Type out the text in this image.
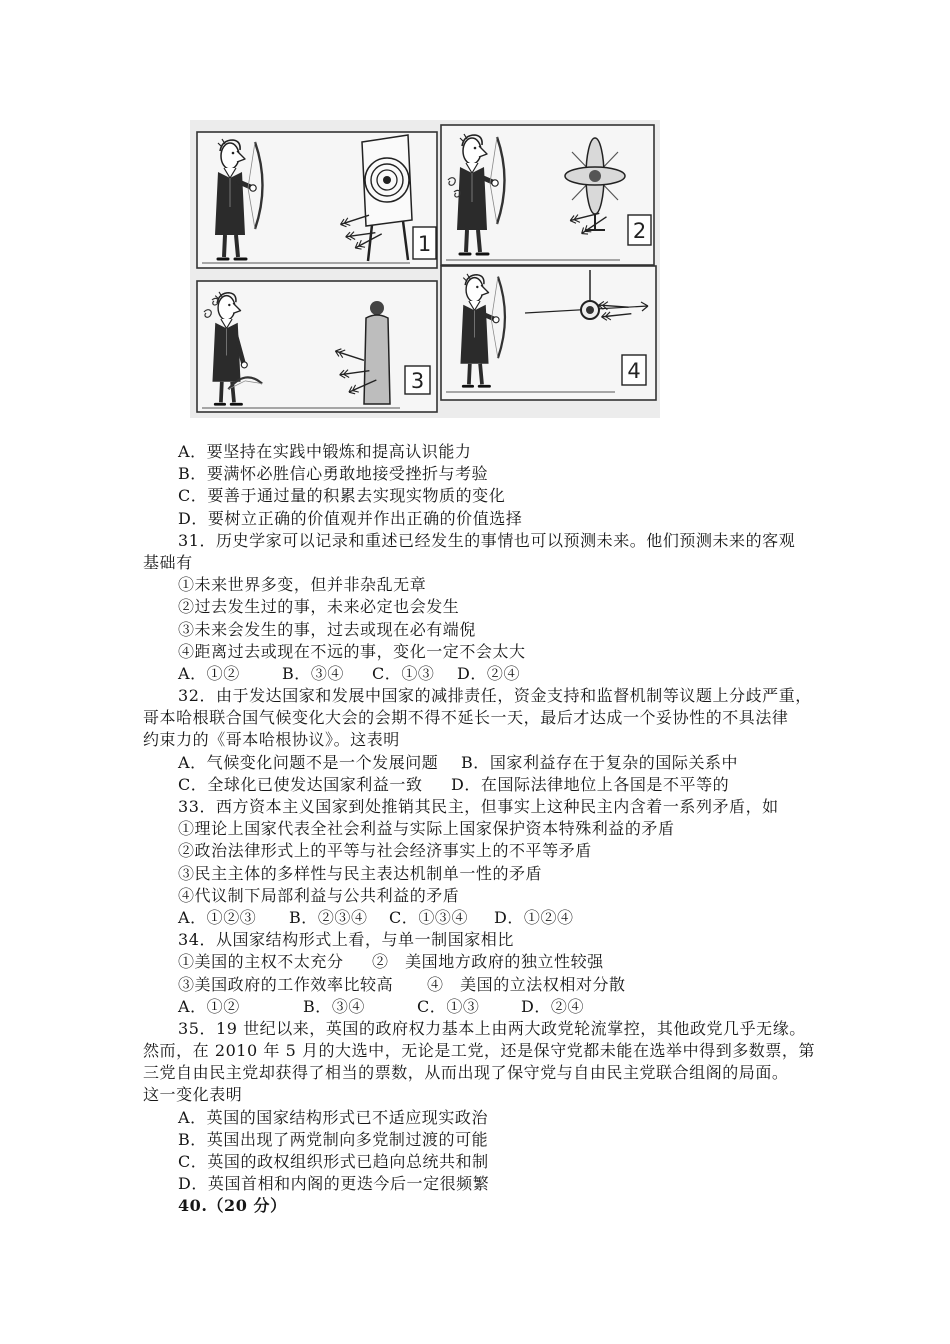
1
2
3	4
A．要坚持在实践中锻炼和提高认识能力
B．要满怀必胜信心勇敢地接受挫折与考验
C．要善于通过量的积累去实现实物质的变化
D．要树立正确的价值观并作出正确的价值选择
31．历史学家可以记录和重述已经发生的事情也可以预测未来。他们预测未来的客观
基础有
①未来世界多变，但并非杂乱无章
②过去发生过的事，未来必定也会发生
③未来会发生的事，过去或现在必有端倪
④距离过去或现在不远的事，变化一定不会太大
A．①②	B．③④ C．①③ D．②④
32．由于发达国家和发展中国家的减排责任，资金支持和监督机制等议题上分歧严重，
哥本哈根联合国气候变化大会的会期不得不延长一天，最后才达成一个妥协性的不具法律
约束力的《哥本哈根协议》。这表明
A．气候变化问题不是一个发展问题 B．国家利益存在于复杂的国际关系中
C．全球化已使发达国家利益一致 D．在国际法律地位上各国是不平等的
33．西方资本主义国家到处推销其民主，但事实上这种民主内含着一系列矛盾，如
①理论上国家代表全社会利益与实际上国家保护资本特殊利益的矛盾
②政治法律形式上的平等与社会经济事实上的不平等矛盾
③民主主体的多样性与民主表达机制单一性的矛盾
④代议制下局部利益与公共利益的矛盾
A．①②③ B．②③④ C．①③④ D．①②④
34．从国家结构形式上看，与单一制国家相比
①美国的主权不太充分 ②　美国地方政府的独立性较强
③美国政府的工作效率比较高 ④　美国的立法权相对分散
A．①②	B．③④	C．①③	D．②④
35．19 世纪以来，英国的政府权力基本上由两大政党轮流掌控，其他政党几乎无缘。
然而，在 2010 年 5 月的大选中，无论是工党，还是保守党都未能在选举中得到多数票，第
三党自由民主党却获得了相当的票数，从而出现了保守党与自由民主党联合组阁的局面。
这一变化表明
A．英国的国家结构形式已不适应现实政治
B．英国出现了两党制向多党制过渡的可能
C．英国的政权组织形式已趋向总统共和制
D．英国首相和内阁的更迭今后一定很频繁
40.（20 分）
